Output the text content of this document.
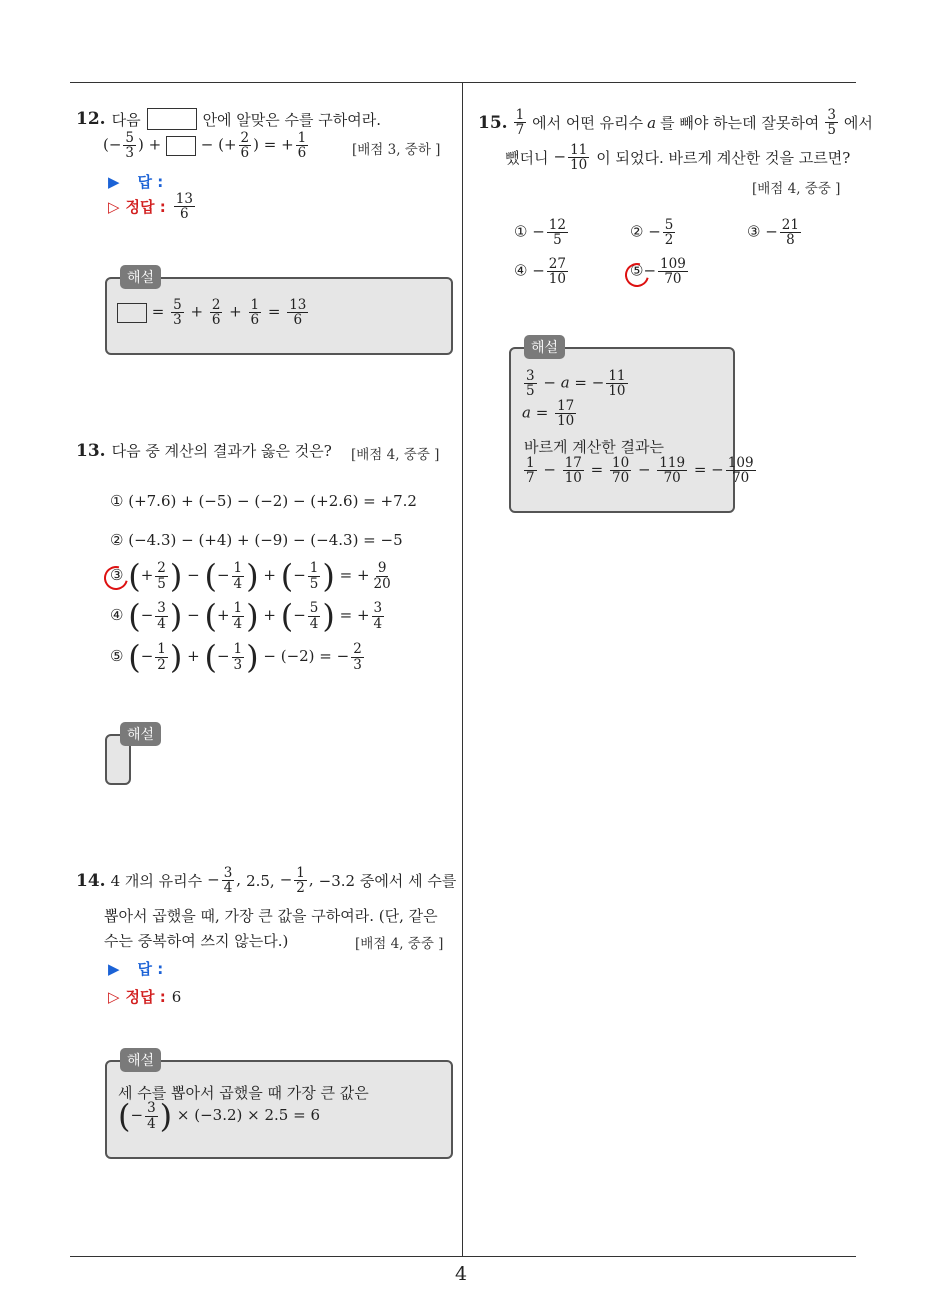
4
12. 다음	안에 알맞은 수를 구하여라.
(− $\frac{5}{3}$ ) +  − (+ $\frac{2}{6}$ ) = + $\frac{1}{6}$	[배점 3, 중하 ]
▶ 답 :
▷ 정답 : 13
6
해설
= $\frac{5}{3} + \frac{2}{6} + \frac{1}{6} = \frac{13}{6}$
13. 다음 중 계산의 결과가 옳은 것은? [배점 4, 중중 ]
① (+7.6) + (−5) − (−2) − (+2.6) = +7.2
② (−4.3) − (+4) + (−9) − (−4.3) = −5
③ (+ $\frac{2}{5}$ ) − (− $\frac{1}{4}$ ) + (− $\frac{1}{5}$ ) = + $\frac{9}{20}$
④ (− $\frac{3}{4}$ ) − (+ $\frac{1}{4}$ ) + (− $\frac{5}{4}$ ) = + $\frac{3}{4}$
⑤ (− $\frac{1}{2}$ ) + (− $\frac{1}{3}$ ) − (−2) = − $\frac{2}{3}$
해설
14. 4 개의 유리수 − $\frac{3}{4}$ , 2.5, − $\frac{1}{2}$ , −3.2 중에서 세 수를
뽑아서 곱했을 때, 가장 큰 값을 구하여라. (단, 같은
수는 중복하여 쓰지 않는다.)	[배점 4, 중중 ]
▶ 답 :
▷ 정답 : 6
해설
세 수를 뽑아서 곱했을 때 가장 큰 값은
(− $\frac{3}{4}$ ) × (−3.2) × 2.5 = 6
15. 1
7 에서 어떤 유리수 a 를 빼야 하는데 잘못하여 3
5 에서
뺐더니 − $\frac{11}{10}$ 이 되었다. 바르게 계산한 것을 고르면?
[배점 4, 중중 ]
① − $\frac{12}{5}$	② − $\frac{5}{2}$	③ − $\frac{21}{8}$
④ − $\frac{27}{10}$	⑤− $\frac{109}{70}$
해설
$\frac{3}{5} - a$ = − $\frac{11}{10}$
$a = \frac{17}{10}$
바르게 계산한 결과는
$\frac{1}{7} - \frac{17}{10} = \frac{10}{70} - \frac{119}{70}$ = − $\frac{109}{70}$
